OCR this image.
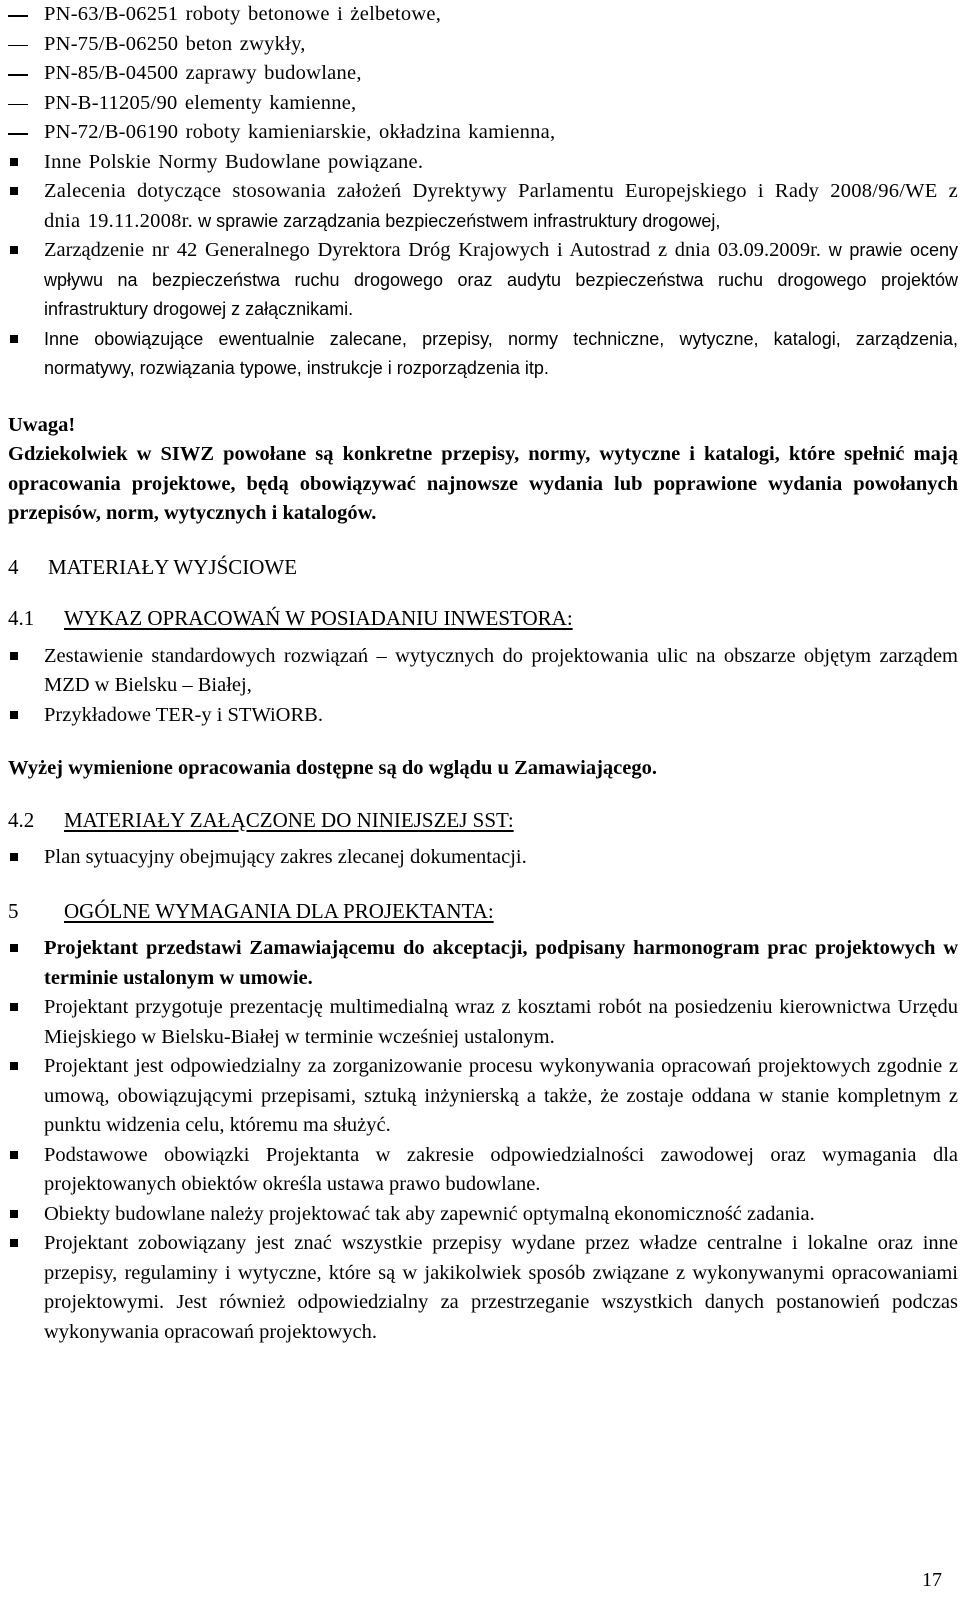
PN-63/B-06251 roboty betonowe i żelbetowe,
PN-75/B-06250 beton zwykły,
PN-85/B-04500 zaprawy budowlane,
PN-B-11205/90 elementy kamienne,
PN-72/B-06190 roboty kamieniarskie, okładzina kamienna,
Inne Polskie Normy Budowlane powiązane.
Zalecenia dotyczące stosowania założeń Dyrektywy Parlamentu Europejskiego i Rady 2008/96/WE z dnia 19.11.2008r. w sprawie zarządzania bezpieczeństwem infrastruktury drogowej,
Zarządzenie nr 42 Generalnego Dyrektora Dróg Krajowych i Autostrad z dnia 03.09.2009r. w prawie oceny wpływu na bezpieczeństwa ruchu drogowego oraz audytu bezpieczeństwa ruchu drogowego projektów infrastruktury drogowej z załącznikami.
Inne obowiązujące ewentualnie zalecane, przepisy, normy techniczne, wytyczne, katalogi, zarządzenia, normatywy, rozwiązania typowe, instrukcje i rozporządzenia itp.
Uwaga!
Gdziekolwiek w SIWZ powołane są konkretne przepisy, normy, wytyczne i katalogi, które spełnić mają opracowania projektowe, będą obowiązywać najnowsze wydania lub poprawione wydania powołanych przepisów, norm, wytycznych i katalogów.
4	MATERIAŁY WYJŚCIOWE
4.1	WYKAZ OPRACOWAŃ W POSIADANIU INWESTORA:
Zestawienie standardowych rozwiązań – wytycznych do projektowania ulic na obszarze objętym zarządem MZD w Bielsku – Białej,
Przykładowe TER-y i STWiORB.
Wyżej wymienione opracowania dostępne są do wglądu u Zamawiającego.
4.2	MATERIAŁY ZAŁĄCZONE DO NINIEJSZEJ SST:
Plan sytuacyjny obejmujący zakres zlecanej dokumentacji.
5	OGÓLNE WYMAGANIA DLA PROJEKTANTA:
Projektant przedstawi Zamawiającemu do akceptacji, podpisany harmonogram prac projektowych w terminie ustalonym w umowie.
Projektant przygotuje prezentację multimedialną wraz z kosztami robót na posiedzeniu kierownictwa Urzędu Miejskiego w Bielsku-Białej w terminie wcześniej ustalonym.
Projektant jest odpowiedzialny za zorganizowanie procesu wykonywania opracowań projektowych zgodnie z umową, obowiązującymi przepisami, sztuką inżynierską a także, że zostaje oddana w stanie kompletnym z punktu widzenia celu, któremu ma służyć.
Podstawowe obowiązki Projektanta w zakresie odpowiedzialności zawodowej oraz wymagania dla projektowanych obiektów określa ustawa prawo budowlane.
Obiekty budowlane należy projektować tak aby zapewnić optymalną ekonomiczność zadania.
Projektant zobowiązany jest znać wszystkie przepisy wydane przez władze centralne i lokalne oraz inne przepisy, regulaminy i wytyczne, które są w jakikolwiek sposób związane z wykonywanymi opracowaniami projektowymi. Jest również odpowiedzialny za przestrzeganie wszystkich danych postanowień podczas wykonywania opracowań projektowych.
17
